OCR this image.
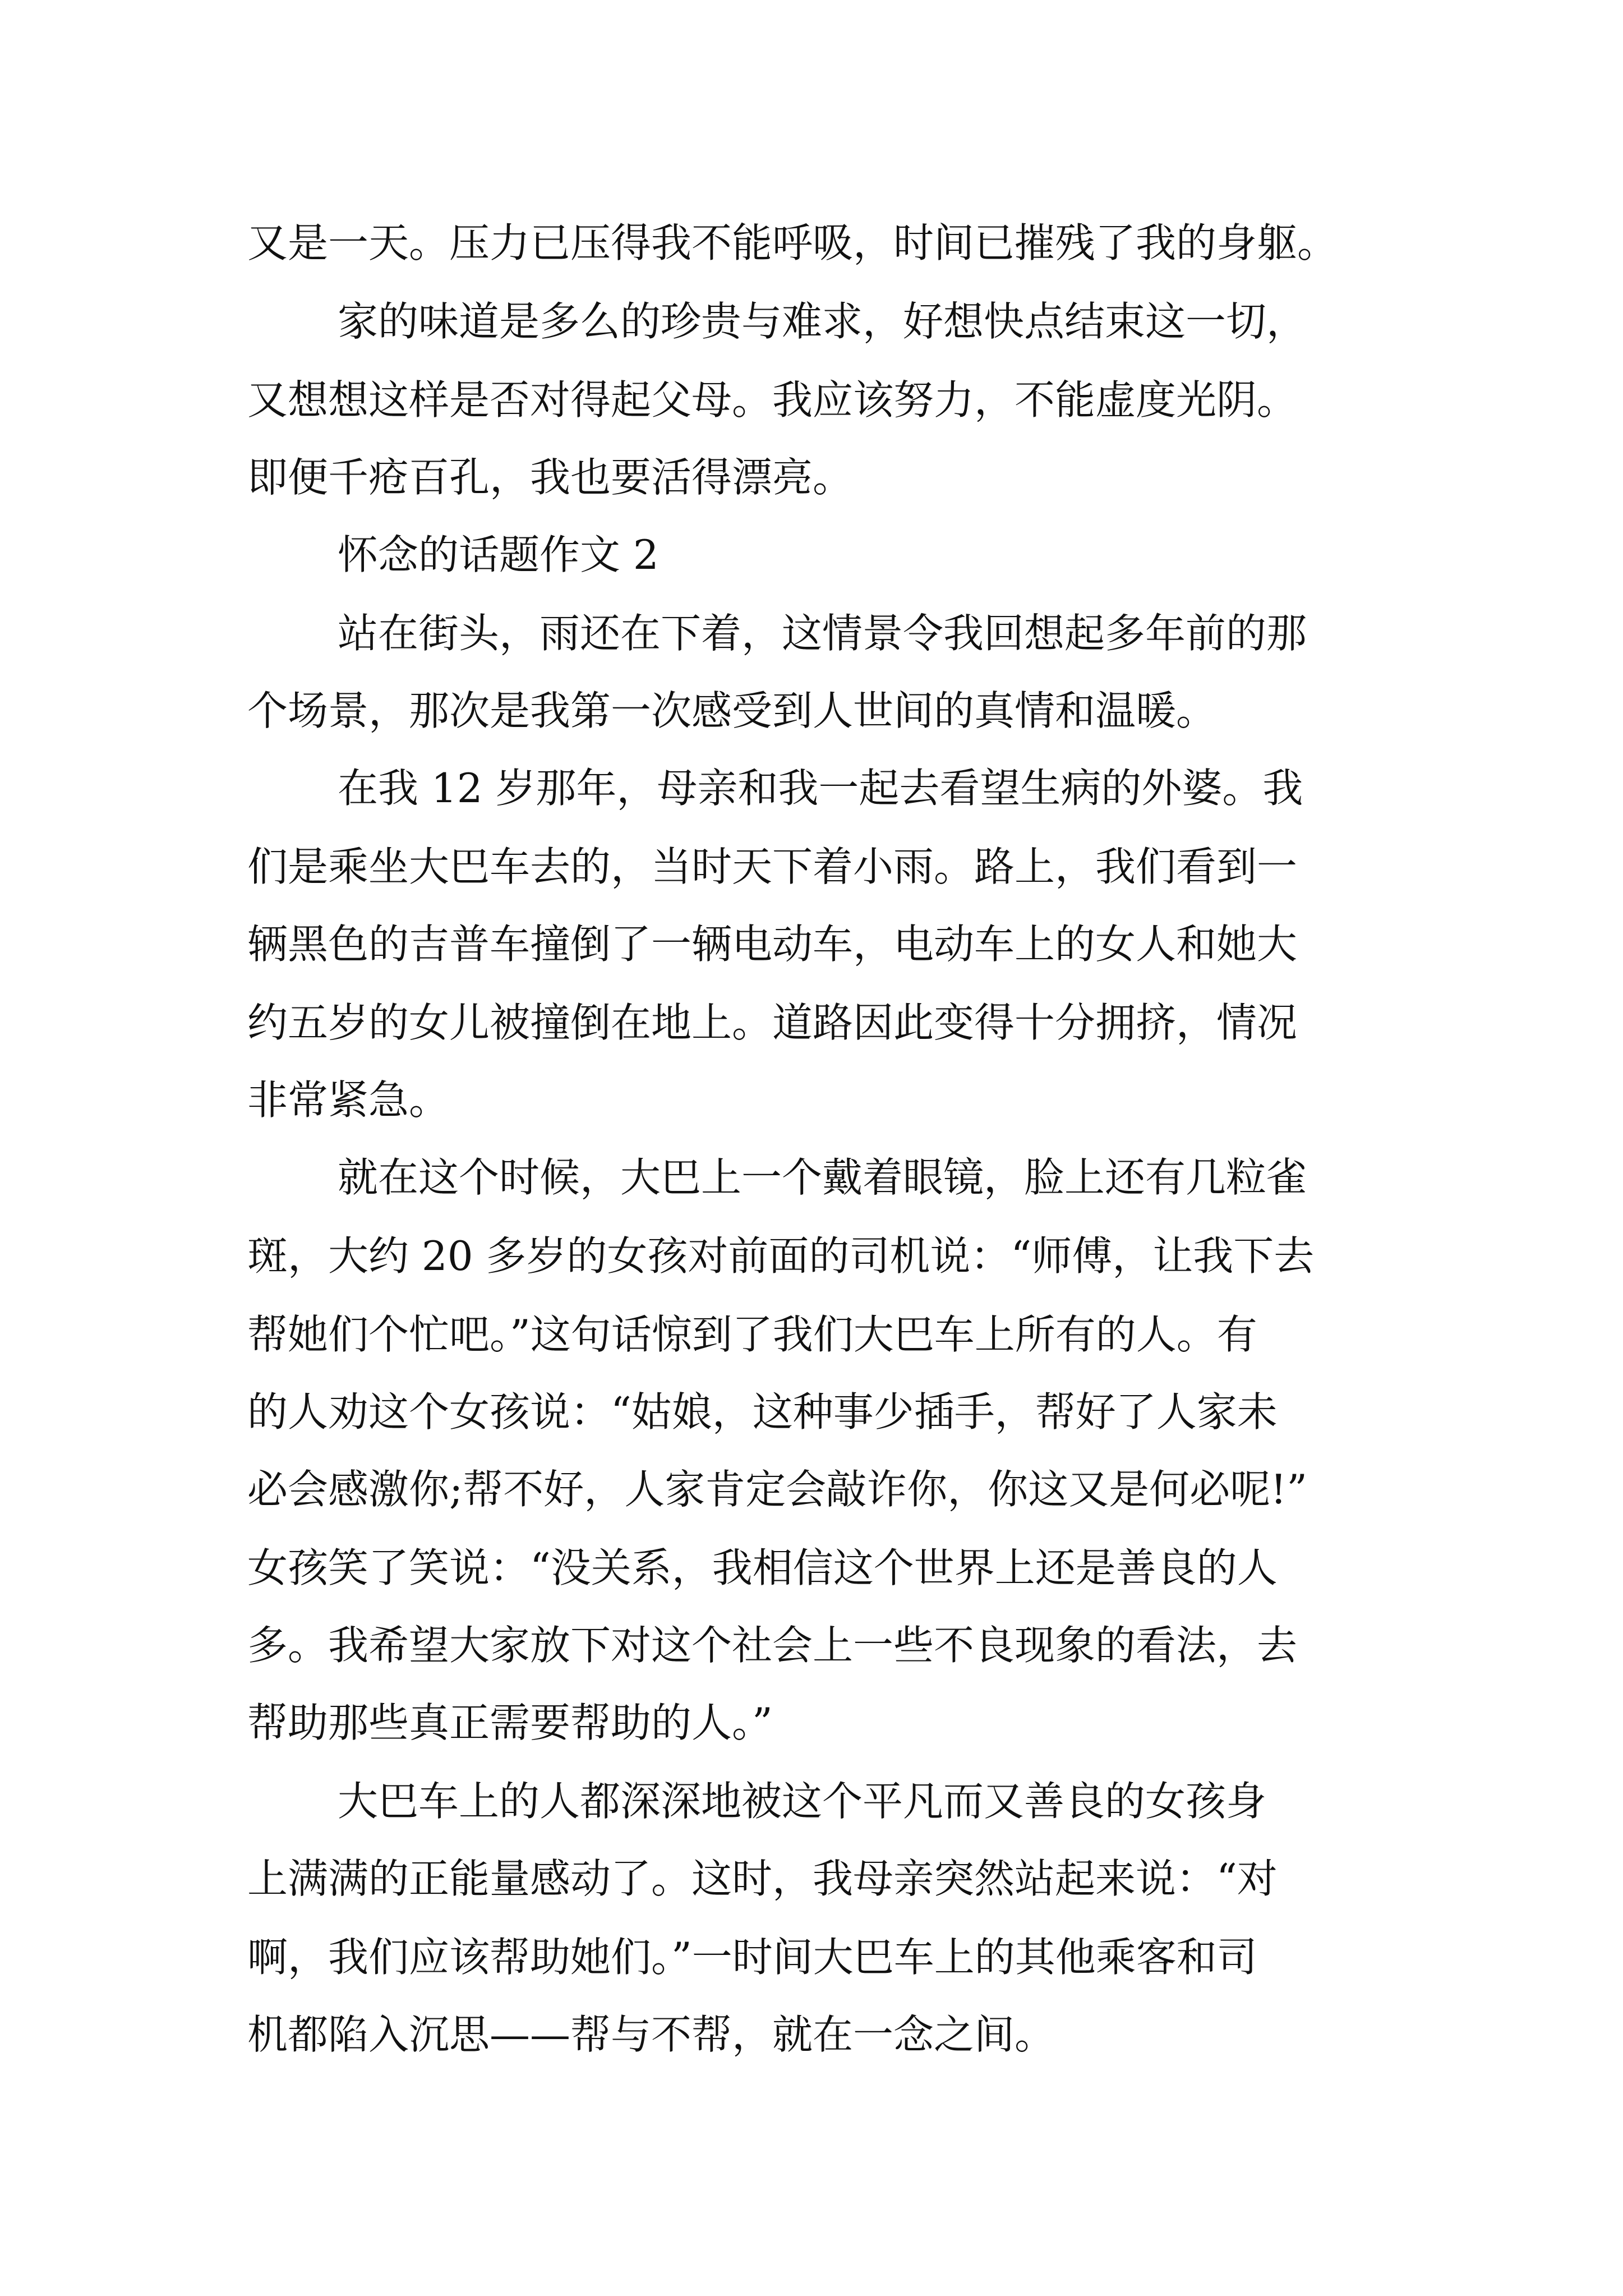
又是一天。压力已压得我不能呼吸，时间已摧残了我的身躯。
家的味道是多么的珍贵与难求，好想快点结束这一切，
又想想这样是否对得起父母。我应该努力，不能虚度光阴。
即便千疮百孔，我也要活得漂亮。
怀念的话题作文 2
站在街头，雨还在下着，这情景令我回想起多年前的那
个场景，那次是我第一次感受到人世间的真情和温暖。
在我 12 岁那年，母亲和我一起去看望生病的外婆。我
们是乘坐大巴车去的，当时天下着小雨。路上，我们看到一
辆黑色的吉普车撞倒了一辆电动车，电动车上的女人和她大
约五岁的女儿被撞倒在地上。道路因此变得十分拥挤，情况
非常紧急。
就在这个时候，大巴上一个戴着眼镜，脸上还有几粒雀
斑，大约 20 多岁的女孩对前面的司机说：“师傅，让我下去
帮她们个忙吧。”这句话惊到了我们大巴车上所有的人。有
的人劝这个女孩说：“姑娘，这种事少插手，帮好了人家未
必会感激你;帮不好，人家肯定会敲诈你，你这又是何必呢!”
女孩笑了笑说：“没关系，我相信这个世界上还是善良的人
多。我希望大家放下对这个社会上一些不良现象的看法，去
帮助那些真正需要帮助的人。”
大巴车上的人都深深地被这个平凡而又善良的女孩身
上满满的正能量感动了。这时，我母亲突然站起来说：“对
啊，我们应该帮助她们。”一时间大巴车上的其他乘客和司
机都陷入沉思——帮与不帮，就在一念之间。
